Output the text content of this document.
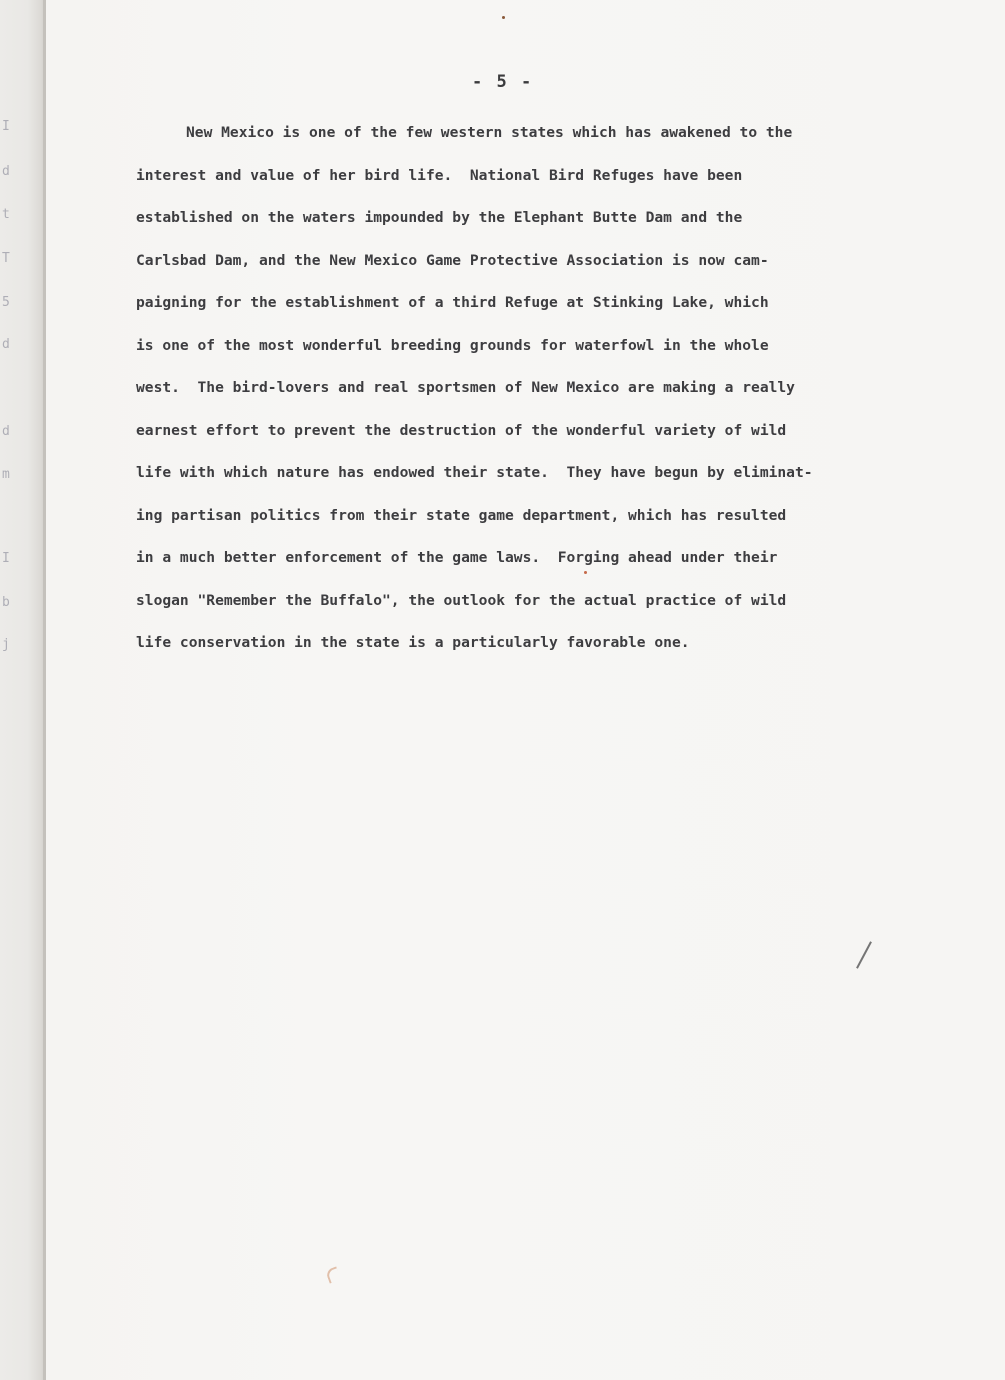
I
d
t
T
5
d
d
m
I
b
j
- 5 -

New Mexico is one of the few western states which has awakened to the
interest and value of her bird life.  National Bird Refuges have been
established on the waters impounded by the Elephant Butte Dam and the
Carlsbad Dam, and the New Mexico Game Protective Association is now cam-
paigning for the establishment of a third Refuge at Stinking Lake, which
is one of the most wonderful breeding grounds for waterfowl in the whole
west.  The bird-lovers and real sportsmen of New Mexico are making a really
earnest effort to prevent the destruction of the wonderful variety of wild
life with which nature has endowed their state.  They have begun by eliminat-
ing partisan politics from their state game department, which has resulted
in a much better enforcement of the game laws.  Forging ahead under their
slogan "Remember the Buffalo", the outlook for the actual practice of wild
life conservation in the state is a particularly favorable one.
